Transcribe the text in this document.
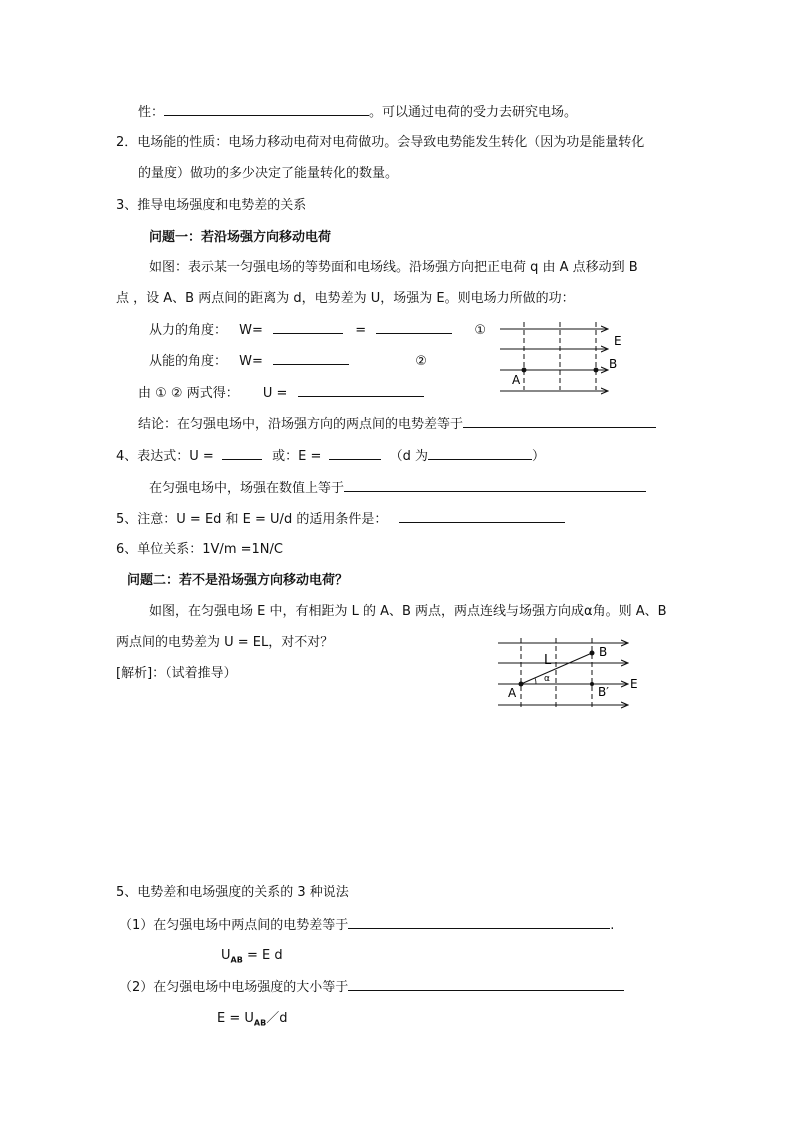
性：	。可以通过电荷的受力去研究电场。
2．电场能的性质：电场力移动电荷对电荷做功。会导致电势能发生转化（因为功是能量转化
的量度）做功的多少决定了能量转化的数量。
3、推导电场强度和电势差的关系
问题一：若沿场强方向移动电荷
如图：表示某一匀强电场的等势面和电场线。沿场强方向把正电荷 q 由 A 点移动到 B
点 ，设 A、B 两点间的距离为 d，电势差为 U，场强为 E。则电场力所做的功：
从力的角度： W=	=	①
从能的角度： W=	②
由 ① ② 两式得： U =
E
B
A
结论：在匀强电场中，沿场强方向的两点间的电势差等于
4、表达式：U =	或：E =	（d 为	）
在匀强电场中，场强在数值上等于
5、注意：U = Ed 和 E = U/d 的适用条件是：
6、单位关系：1V/m =1N/C
问题二：若不是沿场强方向移动电荷？
如图，在匀强电场 E 中，有相距为 L 的 A、B 两点，两点连线与场强方向成α角。则 A、B
两点间的电势差为 U = EL，对不对？
[解析]：（试着推导）
B
L
α
A	B′
E
5、电势差和电场强度的关系的 3 种说法
（1）在匀强电场中两点间的电势差等于	.
$U_{AB} = E$ d
（2）在匀强电场中电场强度的大小等于
$E = U_{AB}/d$
